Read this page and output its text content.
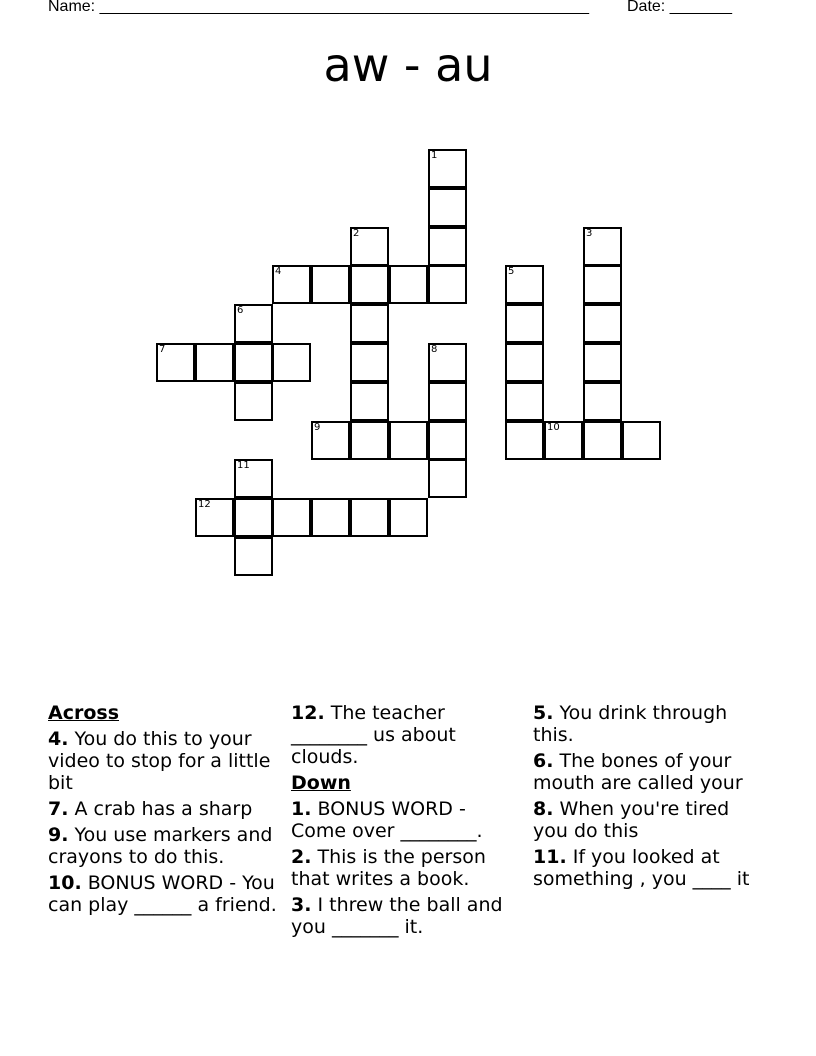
Name: _______________________________________________________ Date: _______
aw - au
1
2	3
4	5
6
7	8
9	10
11
12
Across
4. You do this to your video to stop for a little bit
7. A crab has a sharp
9. You use markers and crayons to do this.
10. BONUS WORD - You can play ______ a friend.
12. The teacher ________ us about clouds.
Down
1. BONUS WORD - Come over ________.
2. This is the person that writes a book.
3. I threw the ball and you _______ it.
5. You drink through this.
6. The bones of your mouth are called your
8. When you're tired you do this
11. If you looked at something , you ____ it
